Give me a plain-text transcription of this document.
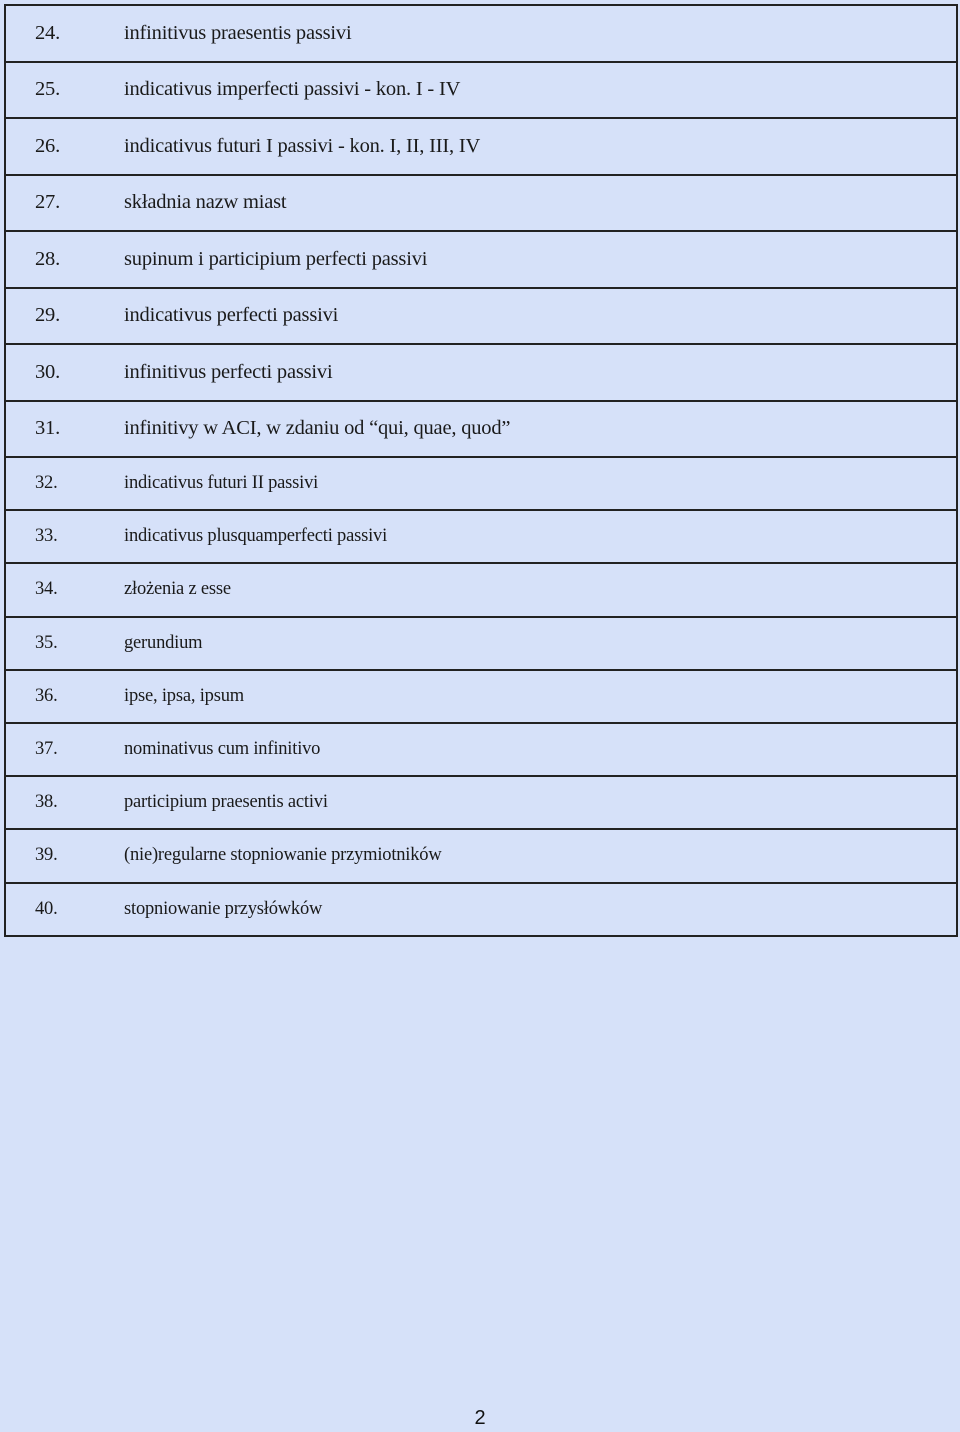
24.	infinitivus praesentis passivi
25.	indicativus imperfecti passivi - kon. I - IV
26.	indicativus futuri I passivi - kon. I, II, III, IV
27.	składnia nazw miast
28.	supinum i participium perfecti passivi
29.	indicativus perfecti passivi
30.	infinitivus perfecti passivi
31.	infinitivy w ACI, w zdaniu od “qui, quae, quod”
32.	indicativus futuri II passivi
33.	indicativus plusquamperfecti passivi
34.	złożenia z esse
35.	gerundium
36.	ipse, ipsa, ipsum
37.	nominativus cum infinitivo
38.	participium praesentis activi
39.	(nie)regularne stopniowanie przymiotników
40.	stopniowanie przysłówków
2
